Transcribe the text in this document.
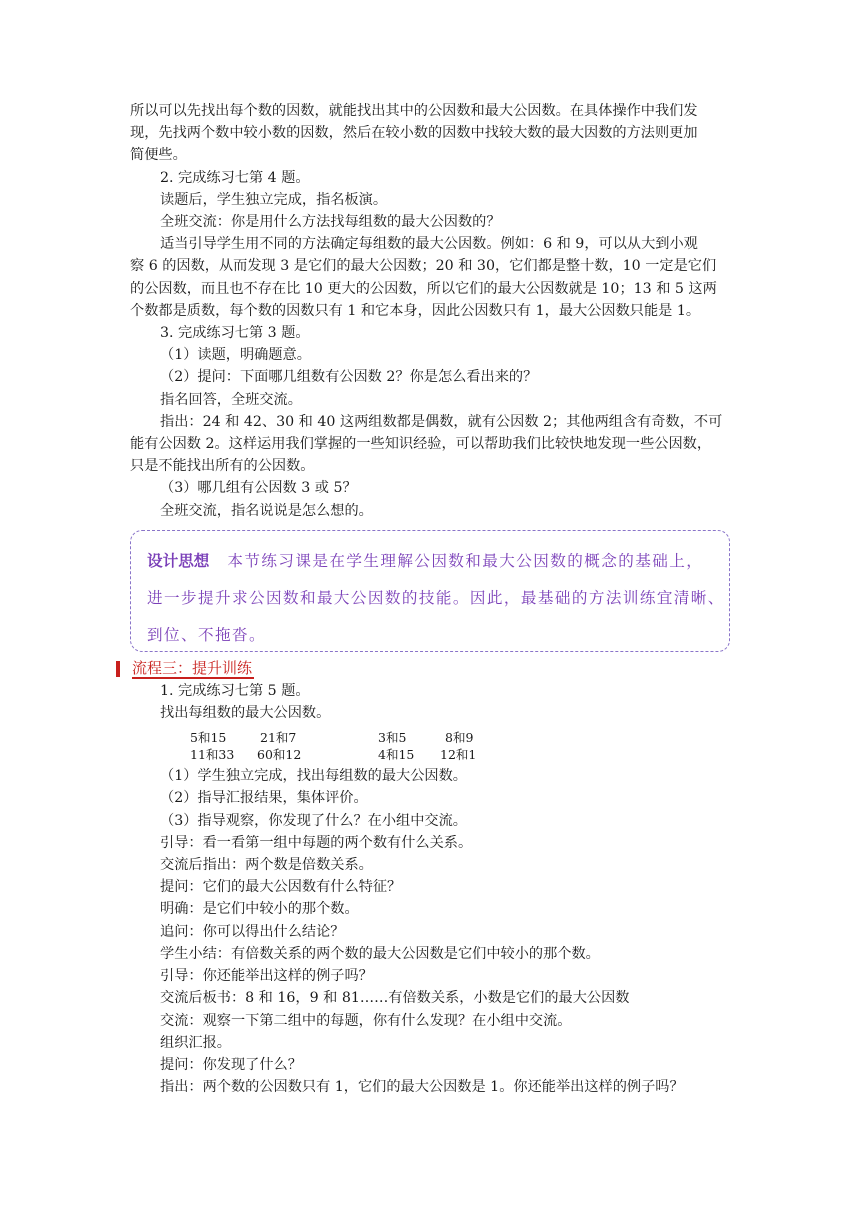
所以可以先找出每个数的因数，就能找出其中的公因数和最大公因数。在具体操作中我们发

现，先找两个数中较小数的因数，然后在较小数的因数中找较大数的最大因数的方法则更加

简便些。

2. 完成练习七第 4 题。

读题后，学生独立完成，指名板演。

全班交流：你是用什么方法找每组数的最大公因数的？

适当引导学生用不同的方法确定每组数的最大公因数。例如：6 和 9，可以从大到小观

察 6 的因数，从而发现 3 是它们的最大公因数；20 和 30，它们都是整十数，10 一定是它们

的公因数，而且也不存在比 10 更大的公因数，所以它们的最大公因数就是 10；13 和 5 这两

个数都是质数，每个数的因数只有 1 和它本身，因此公因数只有 1，最大公因数只能是 1。

3. 完成练习七第 3 题。

（1）读题，明确题意。

（2）提问：下面哪几组数有公因数 2？你是怎么看出来的？

指名回答，全班交流。

指出：24 和 42、30 和 40 这两组数都是偶数，就有公因数 2；其他两组含有奇数，不可

能有公因数 2。这样运用我们掌握的一些知识经验，可以帮助我们比较快地发现一些公因数，

只是不能找出所有的公因数。

（3）哪几组有公因数 3 或 5？

全班交流，指名说说是怎么想的。

设计思想 本节练习课是在学生理解公因数和最大公因数的概念的基础上，

进一步提升求公因数和最大公因数的技能。因此，最基础的方法训练宜清晰、

到位、不拖沓。

流程三：提升训练

1. 完成练习七第 5 题。

找出每组数的最大公因数。

5和15	21和7	3和5	8和9
11和33 60和12	4和15 12和1

（1）学生独立完成，找出每组数的最大公因数。

（2）指导汇报结果，集体评价。

（3）指导观察，你发现了什么？在小组中交流。

引导：看一看第一组中每题的两个数有什么关系。

交流后指出：两个数是倍数关系。

提问：它们的最大公因数有什么特征？

明确：是它们中较小的那个数。

追问：你可以得出什么结论？

学生小结：有倍数关系的两个数的最大公因数是它们中较小的那个数。

引导：你还能举出这样的例子吗？

交流后板书：8 和 16，9 和 81……有倍数关系，小数是它们的最大公因数

交流：观察一下第二组中的每题，你有什么发现？在小组中交流。

组织汇报。

提问：你发现了什么？

指出：两个数的公因数只有 1，它们的最大公因数是 1。你还能举出这样的例子吗？
